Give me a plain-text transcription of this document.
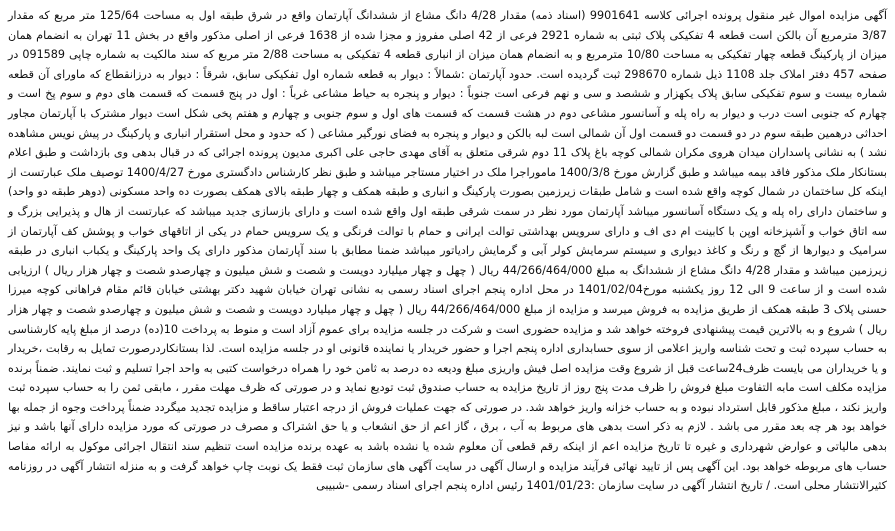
آگهی مزایده اموال غیر منقول پرونده اجرائی کلاسه 9901641 (اسناد ذمه) مقدار 4/28 دانگ مشاع از ششدانگ آپارتمان واقع در شرق طبقه اول به مساحت 125/64 متر مربع که مقدار 3/87 مترمربع آن بالکن است قطعه 4 تفکیکی پلاک ثبتی به شماره 2921 فرعی از 42 اصلی مفروز و مجزا شده از 1638 فرعی از اصلی مذکور واقع در بخش 11 تهران به انضمام همان میزان از پارکینگ قطعه چهار تفکیکی به مساحت 10/80 مترمربع و به انضمام همان میزان از انباری قطعه 4 تفکیکی به مساحت 2/88 متر مربع که سند مالکیت به شماره چاپی 091589 در صفحه 457 دفتر املاک جلد 1108 ذیل شماره 298670 ثبت گردیده است. حدود آپارتمان :شمالاً : دیوار به قطعه شماره اول تفکیکی سابق، شرقاً : دیوار به درزانقطاع که ماورای آن قطعه شماره بیست و سوم تفکیکی سابق پلاک یکهزار و ششصد و سی و نهم فرعی است جنوباً : دیوار و پنجره به حیاط مشاعی غرباً : اول در پنج قسمت که قسمت های دوم و سوم پخ است و چهارم که جنوبی است درب و دیوار به راه پله و آسانسور مشاعی دوم در هشت قسمت که قسمت های اول و سوم جنوبی و چهارم و هفتم پخی شکل است دیوار مشترک با آپارتمان مجاور احداثی درهمین طبقه سوم در دو قسمت دو قسمت اول آن شمالی است لبه بالکن و دیوار و پنجره به فضای نورگیر مشاعی ( که حدود و محل استقرار انباری و پارکینگ در پیش نویس مشاهده نشد ) به نشانی پاسداران میدان هروی مکران شمالی کوچه باغ پلاک 11 دوم شرقی متعلق به آقای مهدی حاجی علی اکبری مدیون پرونده اجرائی که در قبال بدهی وی بازداشت و طبق اعلام بستانکار ملک مذکور فاقد بیمه میباشد و طبق گزارش مورخ 1400/3/8 ماموراجرا ملک در اختیار مستاجر میباشد و طبق نظر کارشناس دادگستری مورخ 1400/4/27 توصیف ملک عبارتست از اینکه کل ساختمان در شمال کوچه واقع شده است و شامل طبقات زیرزمین بصورت پارکینگ و انباری و طبقه همکف و چهار طبقه بالای همکف بصورت ده واحد مسکونی (دوهر طبقه دو واحد) و ساختمان دارای راه پله و یک دستگاه آسانسور میباشد آپارتمان مورد نظر در سمت شرقی طبقه اول واقع شده است و دارای بازسازی جدید میباشد که عبارتست از هال و پذیرایی بزرگ و سه اتاق خواب و آشپزخانه اوپن با کابینت ام دی اف و دارای سرویس بهداشتی توالت ایرانی و حمام با توالت فرنگی و یک سرویس حمام در یکی از اتاقهای خواب و پوشش کف آپارتمان از سرامیک و دیوارها از گچ و رنگ و کاغذ دیواری و سیستم سرمایش کولر آبی و گرمایش رادیاتور میباشد ضمنا مطابق با سند آپارتمان مذکور دارای یک واحد پارکینگ و یکباب انباری در طبقه زیرزمین میباشد و مقدار 4/28 دانگ مشاع از ششدانگ به مبلغ 44/266/464/000 ریال ( چهل و چهار میلیارد دویست و شصت و شش میلیون و چهارصدو شصت و چهار هزار ریال ) ارزیابی شده است و از ساعت 9 الی 12 روز یکشنبه مورخ1401/02/04 در محل اداره پنجم اجرای اسناد رسمی به نشانی تهران خیابان شهید دکتر بهشتی خیابان قائم مقام فراهانی کوچه میرزا حسنی پلاک 3 طبقه همکف از طریق مزایده به فروش میرسد و مزایده از مبلغ 44/266/464/000 ریال ( چهل و چهار میلیارد دویست و شصت و شش میلیون و چهارصدو شصت و چهار هزار ریال ) شروع و به بالاترین قیمت پیشنهادی فروخته خواهد شد و مزایده حضوری است و شرکت در جلسه مزایده برای عموم آزاد است و منوط به پرداخت 10(ده) درصد از مبلغ پایه کارشناسی به حساب سپرده ثبت و تحت شناسه واریز اعلامی از سوی حسابداری اداره پنجم اجرا و حضور خریدار یا نماینده قانونی او در جلسه مزایده است. لذا بستانکاردرصورت تمایل به رقابت ،خریدار و یا خریداران می بایست ظرف24ساعت قبل از شروع وقت مزایده اصل فیش واریزی مبلغ ودیعه ده درصد به ثامن خود را همراه درخواست کتبی به واحد اجرا تسلیم و ثبت نمایند. ضمناً برنده مزایده مکلف است مابه التفاوت مبلغ فروش را ظرف مدت پنج روز از تاریخ مزایده به حساب صندوق ثبت تودیع نماید و در صورتی که ظرف مهلت مقرر ، مابقی ثمن را به حساب سپرده ثبت واریز نکند ، مبلغ مذکور قابل استرداد نبوده و به حساب خزانه واریز خواهد شد. در صورتی که جهت عملیات فروش از درجه اعتبار ساقط و مزایده تجدید میگردد ضمناً پرداخت وجوه از جمله بها خواهد بود هر چه بعد مقرر می باشد . لازم به ذکر است بدهی های مربوط به آب ، برق ، گاز اعم از حق انشعاب و یا حق اشتراک و مصرف در صورتی که مورد مزایده دارای آنها باشد و نیز بدهی مالیاتی و عوارض شهرداری و غیره تا تاریخ مزایده اعم از اینکه رقم قطعی آن معلوم شده یا نشده باشد به عهده برنده مزایده است تنظیم سند انتقال اجرائی موکول به ارائه مفاصا حساب های مربوطه خواهد بود. این آگهی پس از تایید نهائی فرآیند مزایده و ارسال آگهی در سایت آگهی های سازمان ثبت فقط یک نوبت چاپ خواهد گرفت و به منزله انتشار آگهی در روزنامه کثیرالانتشار محلی است. / تاریخ انتشار آگهی در سایت سازمان :1401/01/23 رئیس اداره پنجم اجرای اسناد رسمی -شبیبی
